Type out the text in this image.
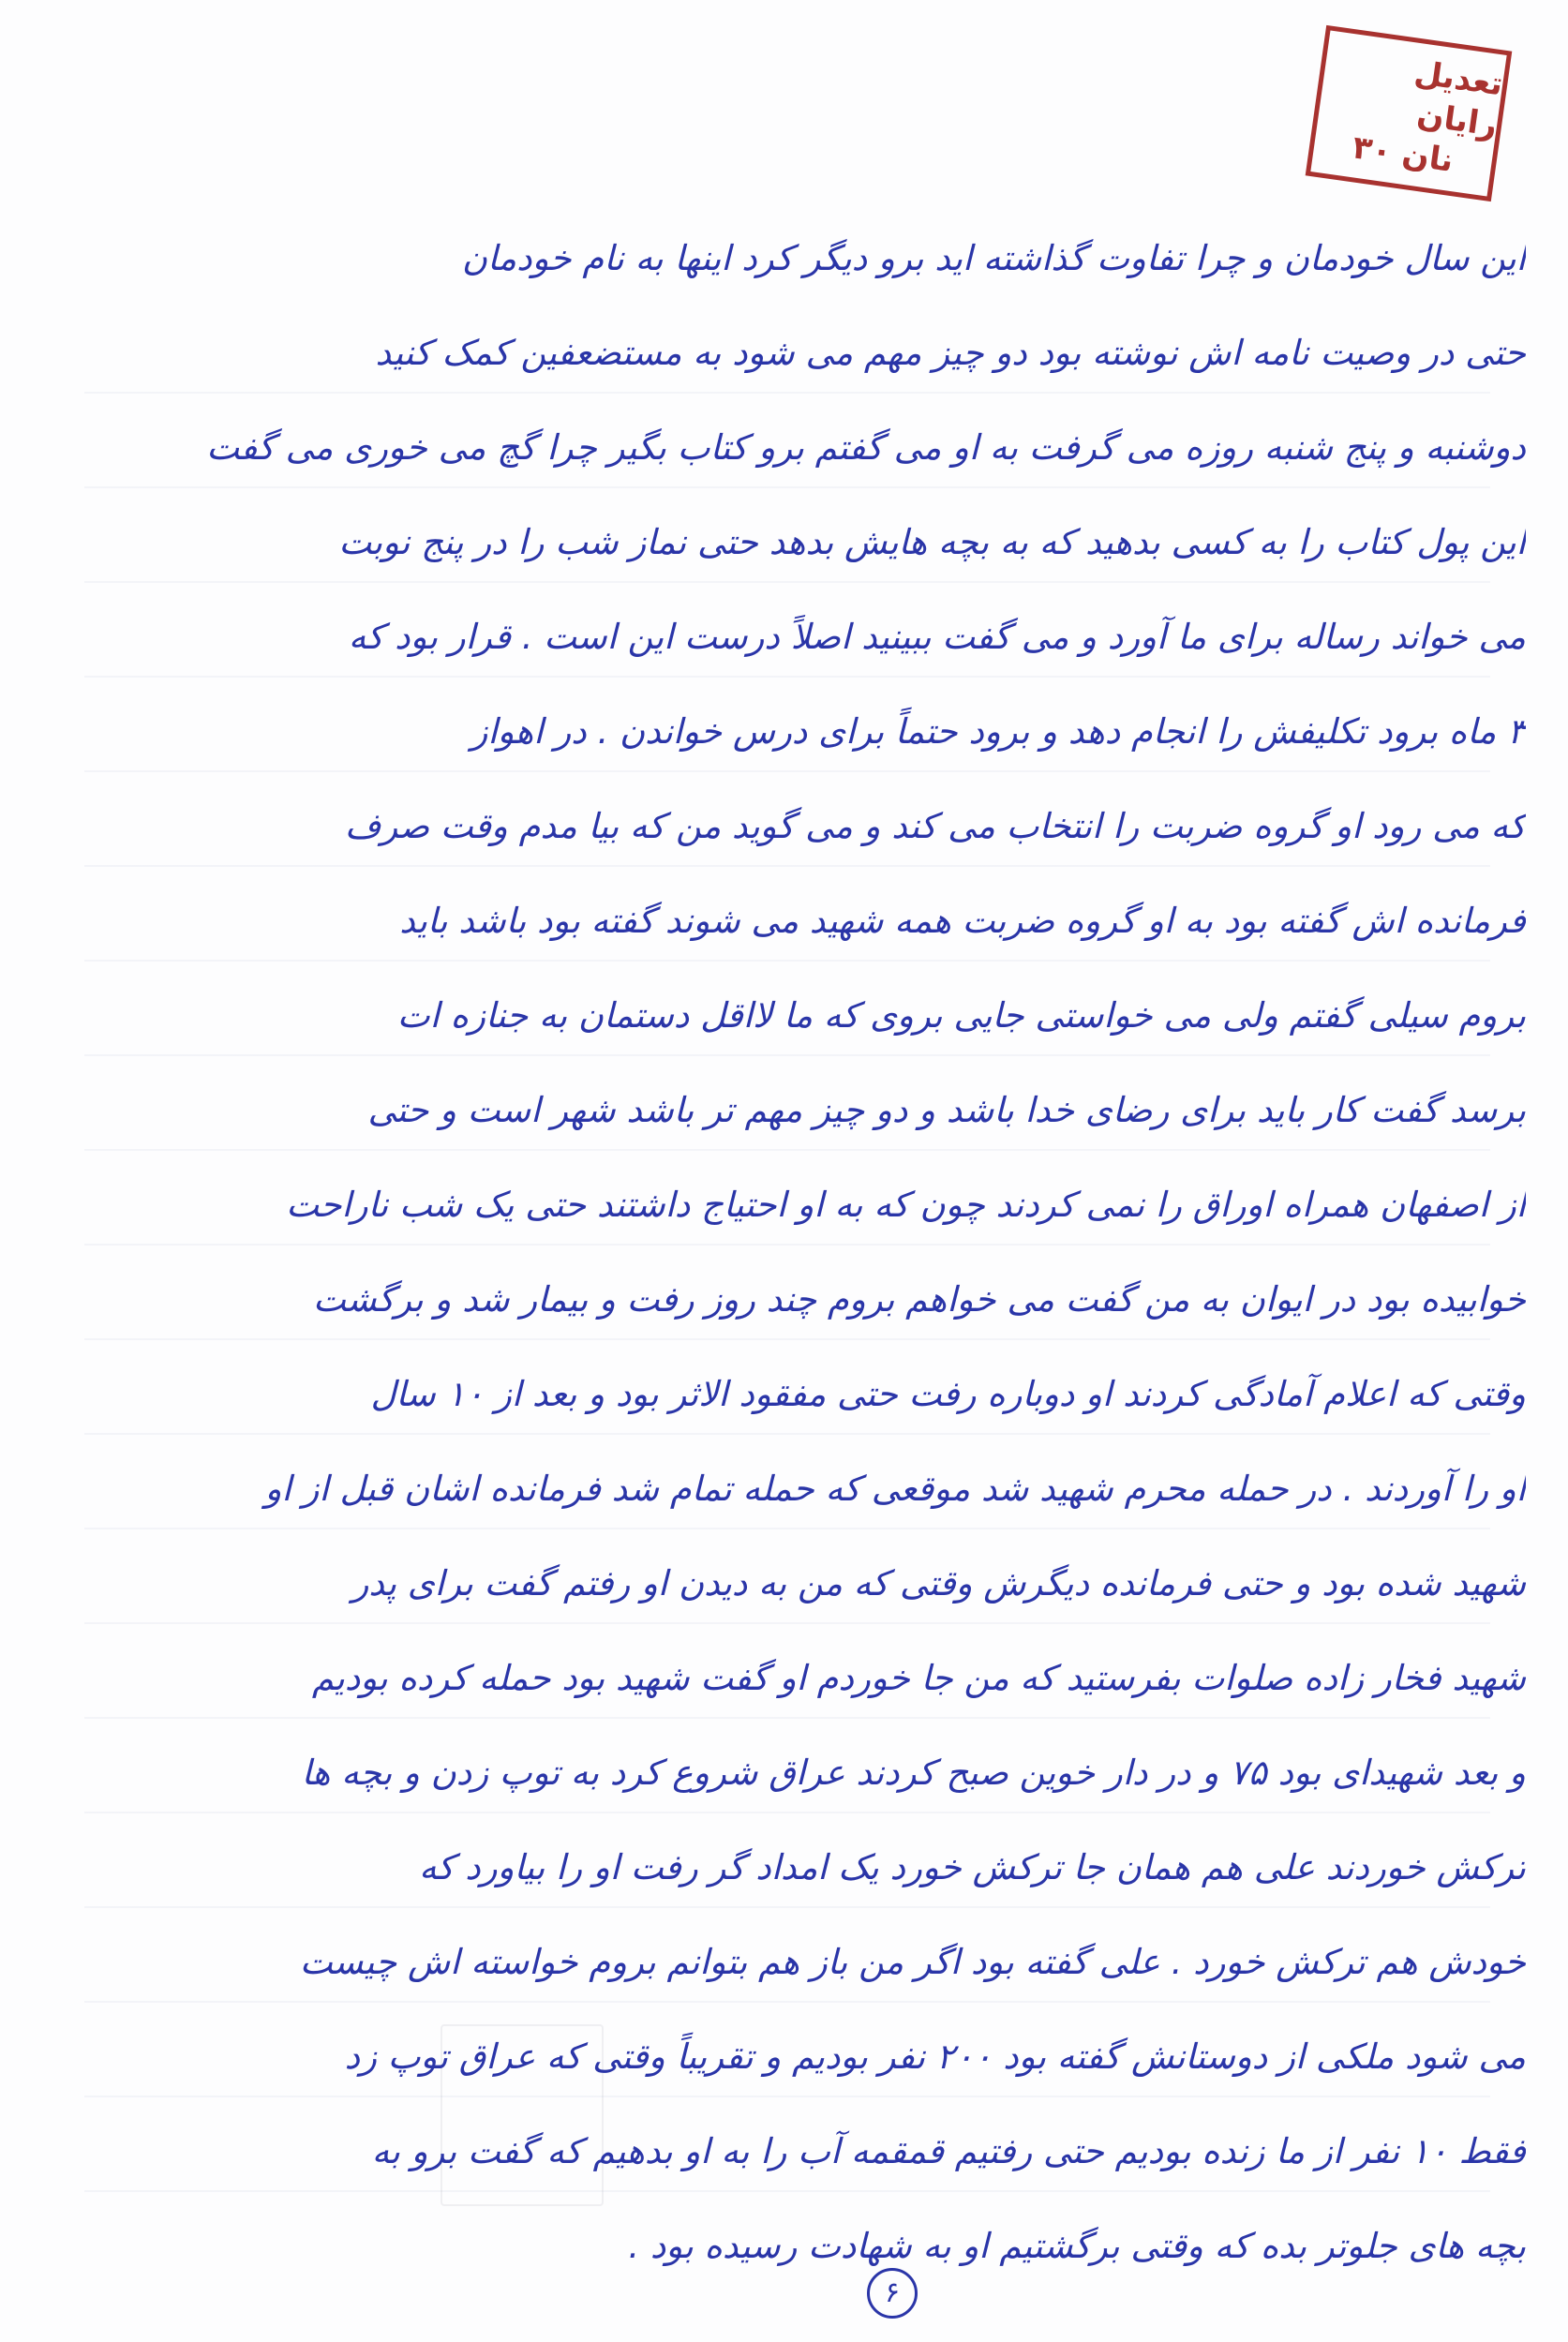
تعدیل رایان
نان ۳۰
این سال خودمان و چرا تفاوت گذاشته اید برو دیگر کرد اینها به نام خودمان
حتی در وصیت نامه اش نوشته بود دو چیز مهم می شود به مستضعفین کمک کنید
دوشنبه و پنج شنبه روزه می گرفت به او می گفتم برو کتاب بگیر چرا گچ می خوری می گفت
این پول کتاب را به کسی بدهید که به بچه هایش بدهد حتی نماز شب را در پنج نوبت
می خواند رساله برای ما آورد و می گفت ببینید اصلاً درست این است . قرار بود که
۳ ماه برود تکلیفش را انجام دهد و برود حتماً برای درس خواندن . در اهواز
که می رود او گروه ضربت را انتخاب می کند و می گوید من که بیا مدم وقت صرف
فرمانده اش گفته بود به او گروه ضربت همه شهید می شوند گفته بود باشد باید
بروم سیلی گفتم ولی می خواستی جایی بروی که ما لااقل دستمان به جنازه ات
برسد گفت کار باید برای رضای خدا باشد و دو چیز مهم تر باشد شهر است و حتی
از اصفهان همراه اوراق را نمی کردند چون که به او احتیاج داشتند حتی یک شب ناراحت
خوابیده بود در ایوان به من گفت می خواهم بروم چند روز رفت و بیمار شد و برگشت
وقتی که اعلام آمادگی کردند او دوباره رفت حتی مفقود الاثر بود و بعد از ۱۰ سال
او را آوردند . در حمله محرم شهید شد موقعی که حمله تمام شد فرمانده اشان قبل از او
شهید شده بود و حتی فرمانده دیگرش وقتی که من به دیدن او رفتم گفت برای پدر
شهید فخار زاده صلوات بفرستید که من جا خوردم او گفت شهید بود حمله کرده بودیم
و بعد شهیدای بود ۷۵ و در دار خوین صبح کردند عراق شروع کرد به توپ زدن و بچه ها
ترکش خوردند علی هم همان جا ترکش خورد یک امداد گر رفت او را بیاورد که
خودش هم ترکش خورد . علی گفته بود اگر من باز هم بتوانم بروم خواسته اش چیست
می شود ملکی از دوستانش گفته بود ۲۰۰ نفر بودیم و تقریباً وقتی که عراق توپ زد
فقط ۱۰ نفر از ما زنده بودیم حتی رفتیم قمقمه آب را به او بدهیم که گفت برو به
بچه های جلوتر بده که وقتی برگشتیم او به شهادت رسیده بود .
۶
